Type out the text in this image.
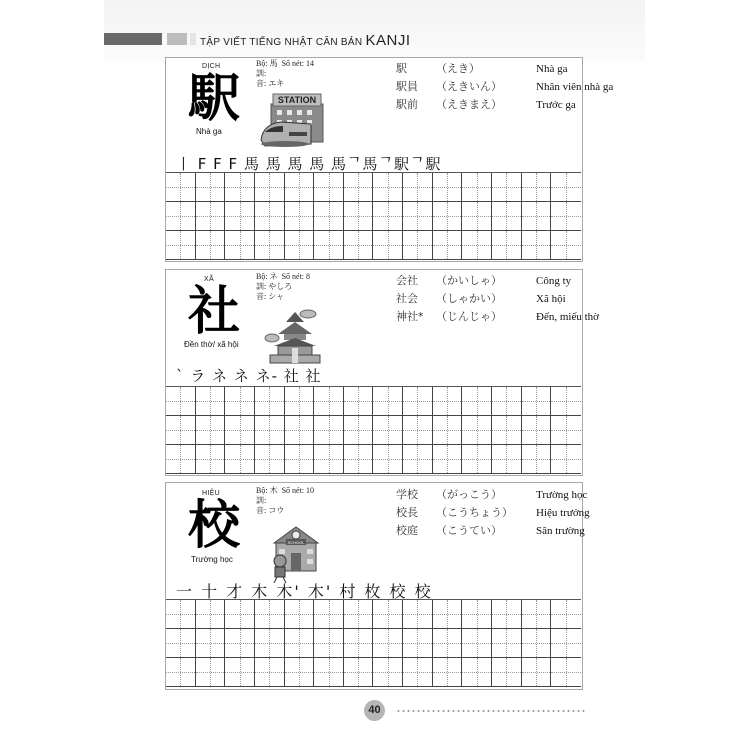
TẬP VIẾT TIẾNG NHẬT CĂN BẢN KANJI
DỊCH
駅
Nhà ga
Bộ: 馬 Số nét: 14
訓:
音: エキ
STATION
駅	（えき）	Nhà ga
駅員	（えきいん）	Nhân viên nhà ga
駅前	（えきまえ）	Trước ga
丨 F F F 馬 馬 馬 馬 馬ᄀ馬ᄀ駅ᄀ駅
XÃ
社
Đền thờ/ xã hội
Bộ: ネ Số nét: 8
訓: やしろ
音: シャ
会社	（かいしゃ）	Công ty
社会	（しゃかい）	Xã hội
神社*	（じんじゃ）	Đến, miếu thờ
` ラ ネ ネ ネ- 社 社
HIỆU
校
Trường học
Bộ: 木 Số nét: 10
訓:
音: コウ
SCHOOL
学校	（がっこう）	Trường học
校長	（こうちょう）	Hiệu trưởng
校庭	（こうてい）	Sân trường
一 十 才 木 木' 木' 村 枚 校 校
40
